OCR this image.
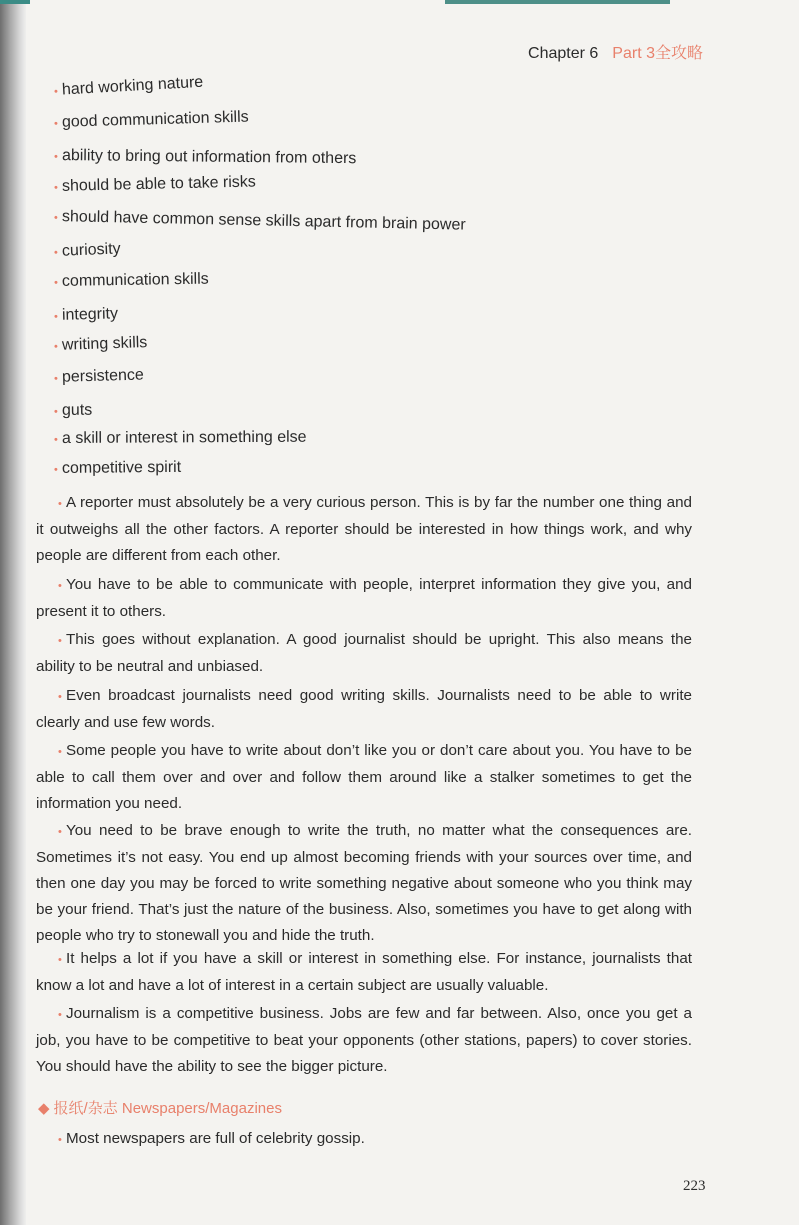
Chapter 6 Part 3全攻略
• hard working nature
• good communication skills
• ability to bring out information from others
• should be able to take risks
• should have common sense skills apart from brain power
• curiosity
• communication skills
• integrity
• writing skills
• persistence
• guts
• a skill or interest in something else
• competitive spirit
• A reporter must absolutely be a very curious person. This is by far the number one thing and it outweighs all the other factors. A reporter should be interested in how things work, and why people are different from each other.
• You have to be able to communicate with people, interpret information they give you, and present it to others.
• This goes without explanation. A good journalist should be upright. This also means the ability to be neutral and unbiased.
• Even broadcast journalists need good writing skills. Journalists need to be able to write clearly and use few words.
• Some people you have to write about don’t like you or don’t care about you. You have to be able to call them over and over and follow them around like a stalker sometimes to get the information you need.
• You need to be brave enough to write the truth, no matter what the consequences are. Sometimes it’s not easy. You end up almost becoming friends with your sources over time, and then one day you may be forced to write something negative about someone who you think may be your friend. That’s just the nature of the business. Also, sometimes you have to get along with people who try to stonewall you and hide the truth.
• It helps a lot if you have a skill or interest in something else. For instance, journalists that know a lot and have a lot of interest in a certain subject are usually valuable.
• Journalism is a competitive business. Jobs are few and far between. Also, once you get a job, you have to be competitive to beat your opponents (other stations, papers) to cover stories. You should have the ability to see the bigger picture.
◆ 报纸/杂志 Newspapers/Magazines
• Most newspapers are full of celebrity gossip.
223
